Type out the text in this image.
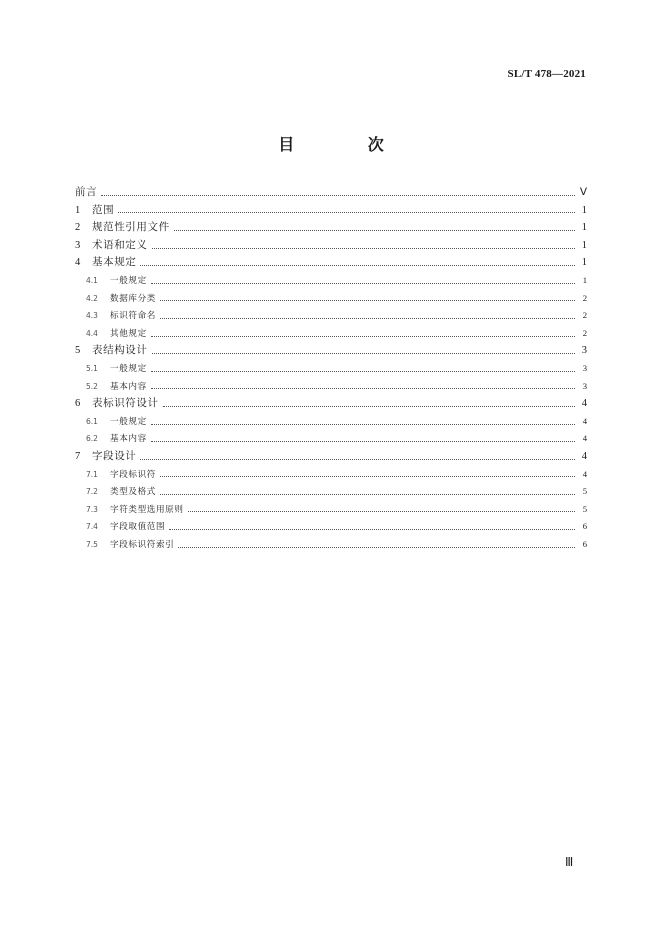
SL/T 478—2021
目 次
前言	Ⅴ
1	范围	1
2	规范性引用文件	1
3	术语和定义	1
4	基本规定	1
4.1	一般规定	1
4.2	数据库分类	2
4.3	标识符命名	2
4.4	其他规定	2
5	表结构设计	3
5.1	一般规定	3
5.2	基本内容	3
6	表标识符设计	4
6.1	一般规定	4
6.2	基本内容	4
7	字段设计	4
7.1	字段标识符	4
7.2	类型及格式	5
7.3	字符类型选用原则	5
7.4	字段取值范围	6
7.5	字段标识符索引	6
Ⅲ
